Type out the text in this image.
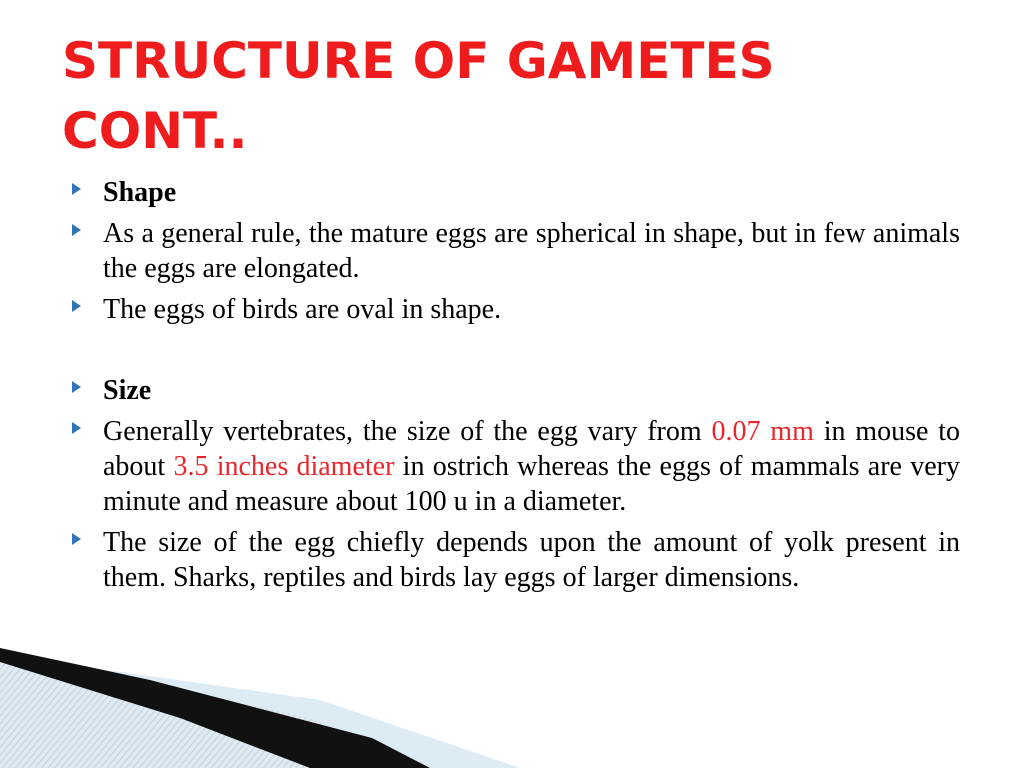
STRUCTURE OF GAMETES CONT..
Shape
As a general rule, the mature eggs are spherical in shape, but in few animals the eggs are elongated.
The eggs of birds are oval in shape.
Size
Generally vertebrates, the size of the egg vary from 0.07 mm in mouse to about 3.5 inches diameter in ostrich whereas the eggs of mammals are very minute and measure about 100 u in a diameter.
The size of the egg chiefly depends upon the amount of yolk present in them. Sharks, reptiles and birds lay eggs of larger dimensions.
